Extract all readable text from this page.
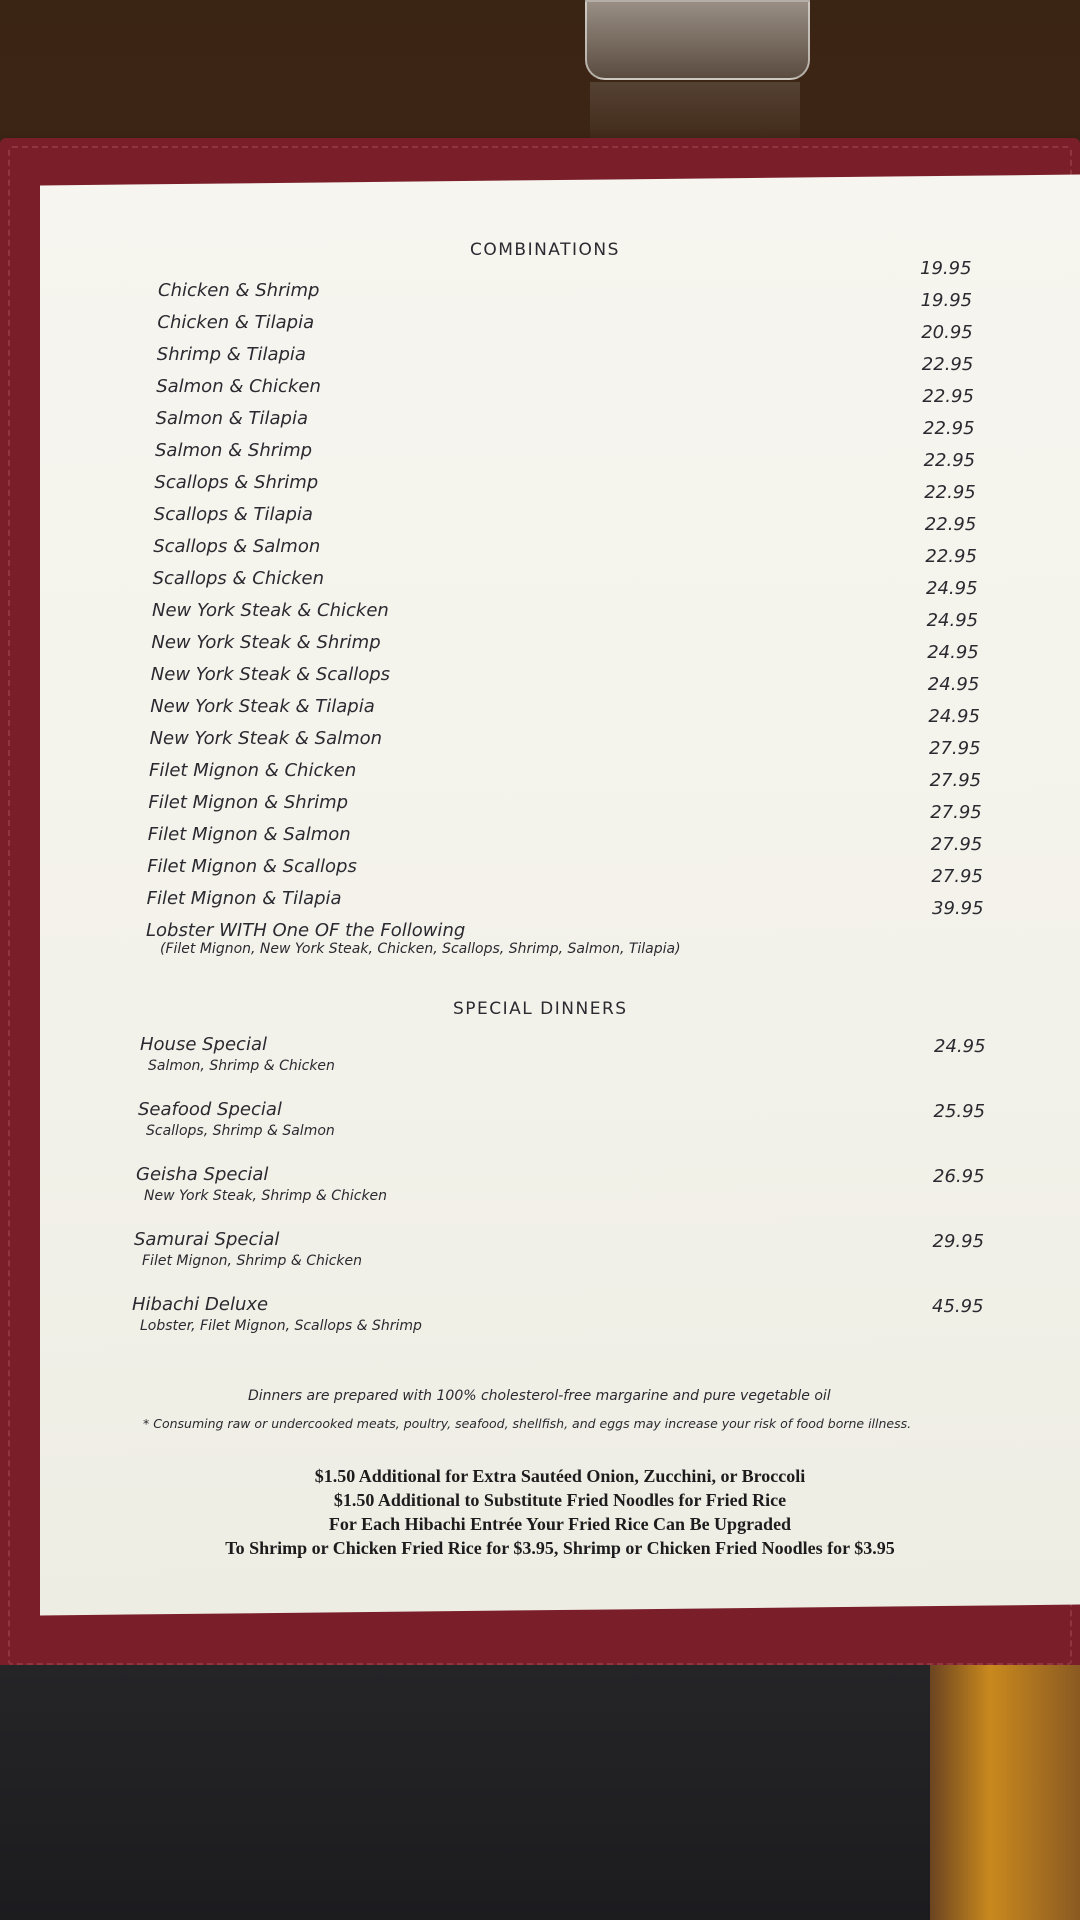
COMBINATIONS
Chicken & Shrimp
19.95
Chicken & Tilapia
19.95
Shrimp & Tilapia
20.95
Salmon & Chicken
22.95
Salmon & Tilapia
22.95
Salmon & Shrimp
22.95
Scallops & Shrimp
22.95
Scallops & Tilapia
22.95
Scallops & Salmon
22.95
Scallops & Chicken
22.95
New York Steak & Chicken
24.95
New York Steak & Shrimp
24.95
New York Steak & Scallops
24.95
New York Steak & Tilapia
24.95
New York Steak & Salmon
24.95
Filet Mignon & Chicken
27.95
Filet Mignon & Shrimp
27.95
Filet Mignon & Salmon
27.95
Filet Mignon & Scallops
27.95
Filet Mignon & Tilapia
27.95
Lobster WITH One OF the Following
39.95
(Filet Mignon, New York Steak, Chicken, Scallops, Shrimp, Salmon, Tilapia)
SPECIAL DINNERS
House Special
Salmon, Shrimp & Chicken
24.95
Seafood Special
Scallops, Shrimp & Salmon
25.95
Geisha Special
New York Steak, Shrimp & Chicken
26.95
Samurai Special
Filet Mignon, Shrimp & Chicken
29.95
Hibachi Deluxe
Lobster, Filet Mignon, Scallops & Shrimp
45.95
Dinners are prepared with 100% cholesterol-free margarine and pure vegetable oil
* Consuming raw or undercooked meats, poultry, seafood, shellfish, and eggs may increase your risk of food borne illness.
$1.50 Additional for Extra Sautéed Onion, Zucchini, or Broccoli
$1.50 Additional to Substitute Fried Noodles for Fried Rice
For Each Hibachi Entrée Your Fried Rice Can Be Upgraded
To Shrimp or Chicken Fried Rice for $3.95, Shrimp or Chicken Fried Noodles for $3.95
